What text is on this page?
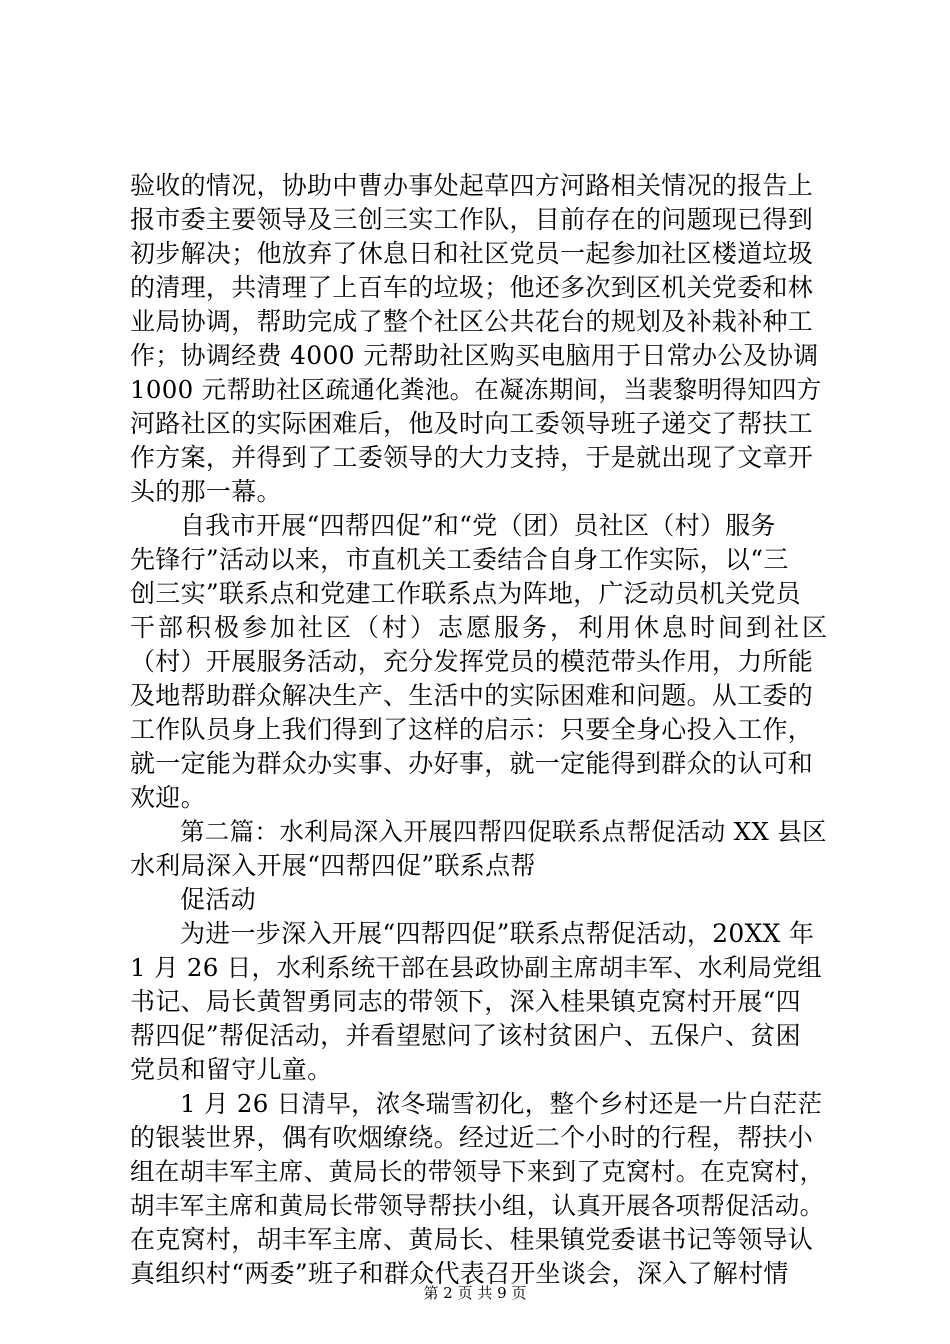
验收的情况，协助中曹办事处起草四方河路相关情况的报告上
报市委主要领导及三创三实工作队，目前存在的问题现已得到
初步解决；他放弃了休息日和社区党员一起参加社区楼道垃圾
的清理，共清理了上百车的垃圾；他还多次到区机关党委和林
业局协调，帮助完成了整个社区公共花台的规划及补栽补种工
作；协调经费 4000 元帮助社区购买电脑用于日常办公及协调
1000 元帮助社区疏通化粪池。在凝冻期间，当裴黎明得知四方
河路社区的实际困难后，他及时向工委领导班子递交了帮扶工
作方案，并得到了工委领导的大力支持，于是就出现了文章开
头的那一幕。
自我市开展“四帮四促”和“党（团）员社区（村）服务
先锋行”活动以来，市直机关工委结合自身工作实际，以“三
创三实”联系点和党建工作联系点为阵地，广泛动员机关党员
干部积极参加社区（村）志愿服务，利用休息时间到社区
（村）开展服务活动，充分发挥党员的模范带头作用，力所能
及地帮助群众解决生产、生活中的实际困难和问题。从工委的
工作队员身上我们得到了这样的启示：只要全身心投入工作，
就一定能为群众办实事、办好事，就一定能得到群众的认可和
欢迎。
第二篇：水利局深入开展四帮四促联系点帮促活动 XX 县区
水利局深入开展“四帮四促”联系点帮
促活动
为进一步深入开展“四帮四促”联系点帮促活动，20XX 年
1 月 26 日，水利系统干部在县政协副主席胡丰军、水利局党组
书记、局长黄智勇同志的带领下，深入桂果镇克窝村开展“四
帮四促”帮促活动，并看望慰问了该村贫困户、五保户、贫困
党员和留守儿童。
1 月 26 日清早，浓冬瑞雪初化，整个乡村还是一片白茫茫
的银装世界，偶有吹烟缭绕。经过近二个小时的行程，帮扶小
组在胡丰军主席、黄局长的带领导下来到了克窝村。在克窝村，
胡丰军主席和黄局长带领导帮扶小组，认真开展各项帮促活动。
在克窝村，胡丰军主席、黄局长、桂果镇党委谌书记等领导认
真组织村“两委”班子和群众代表召开坐谈会，深入了解村情
第 2 页 共 9 页
